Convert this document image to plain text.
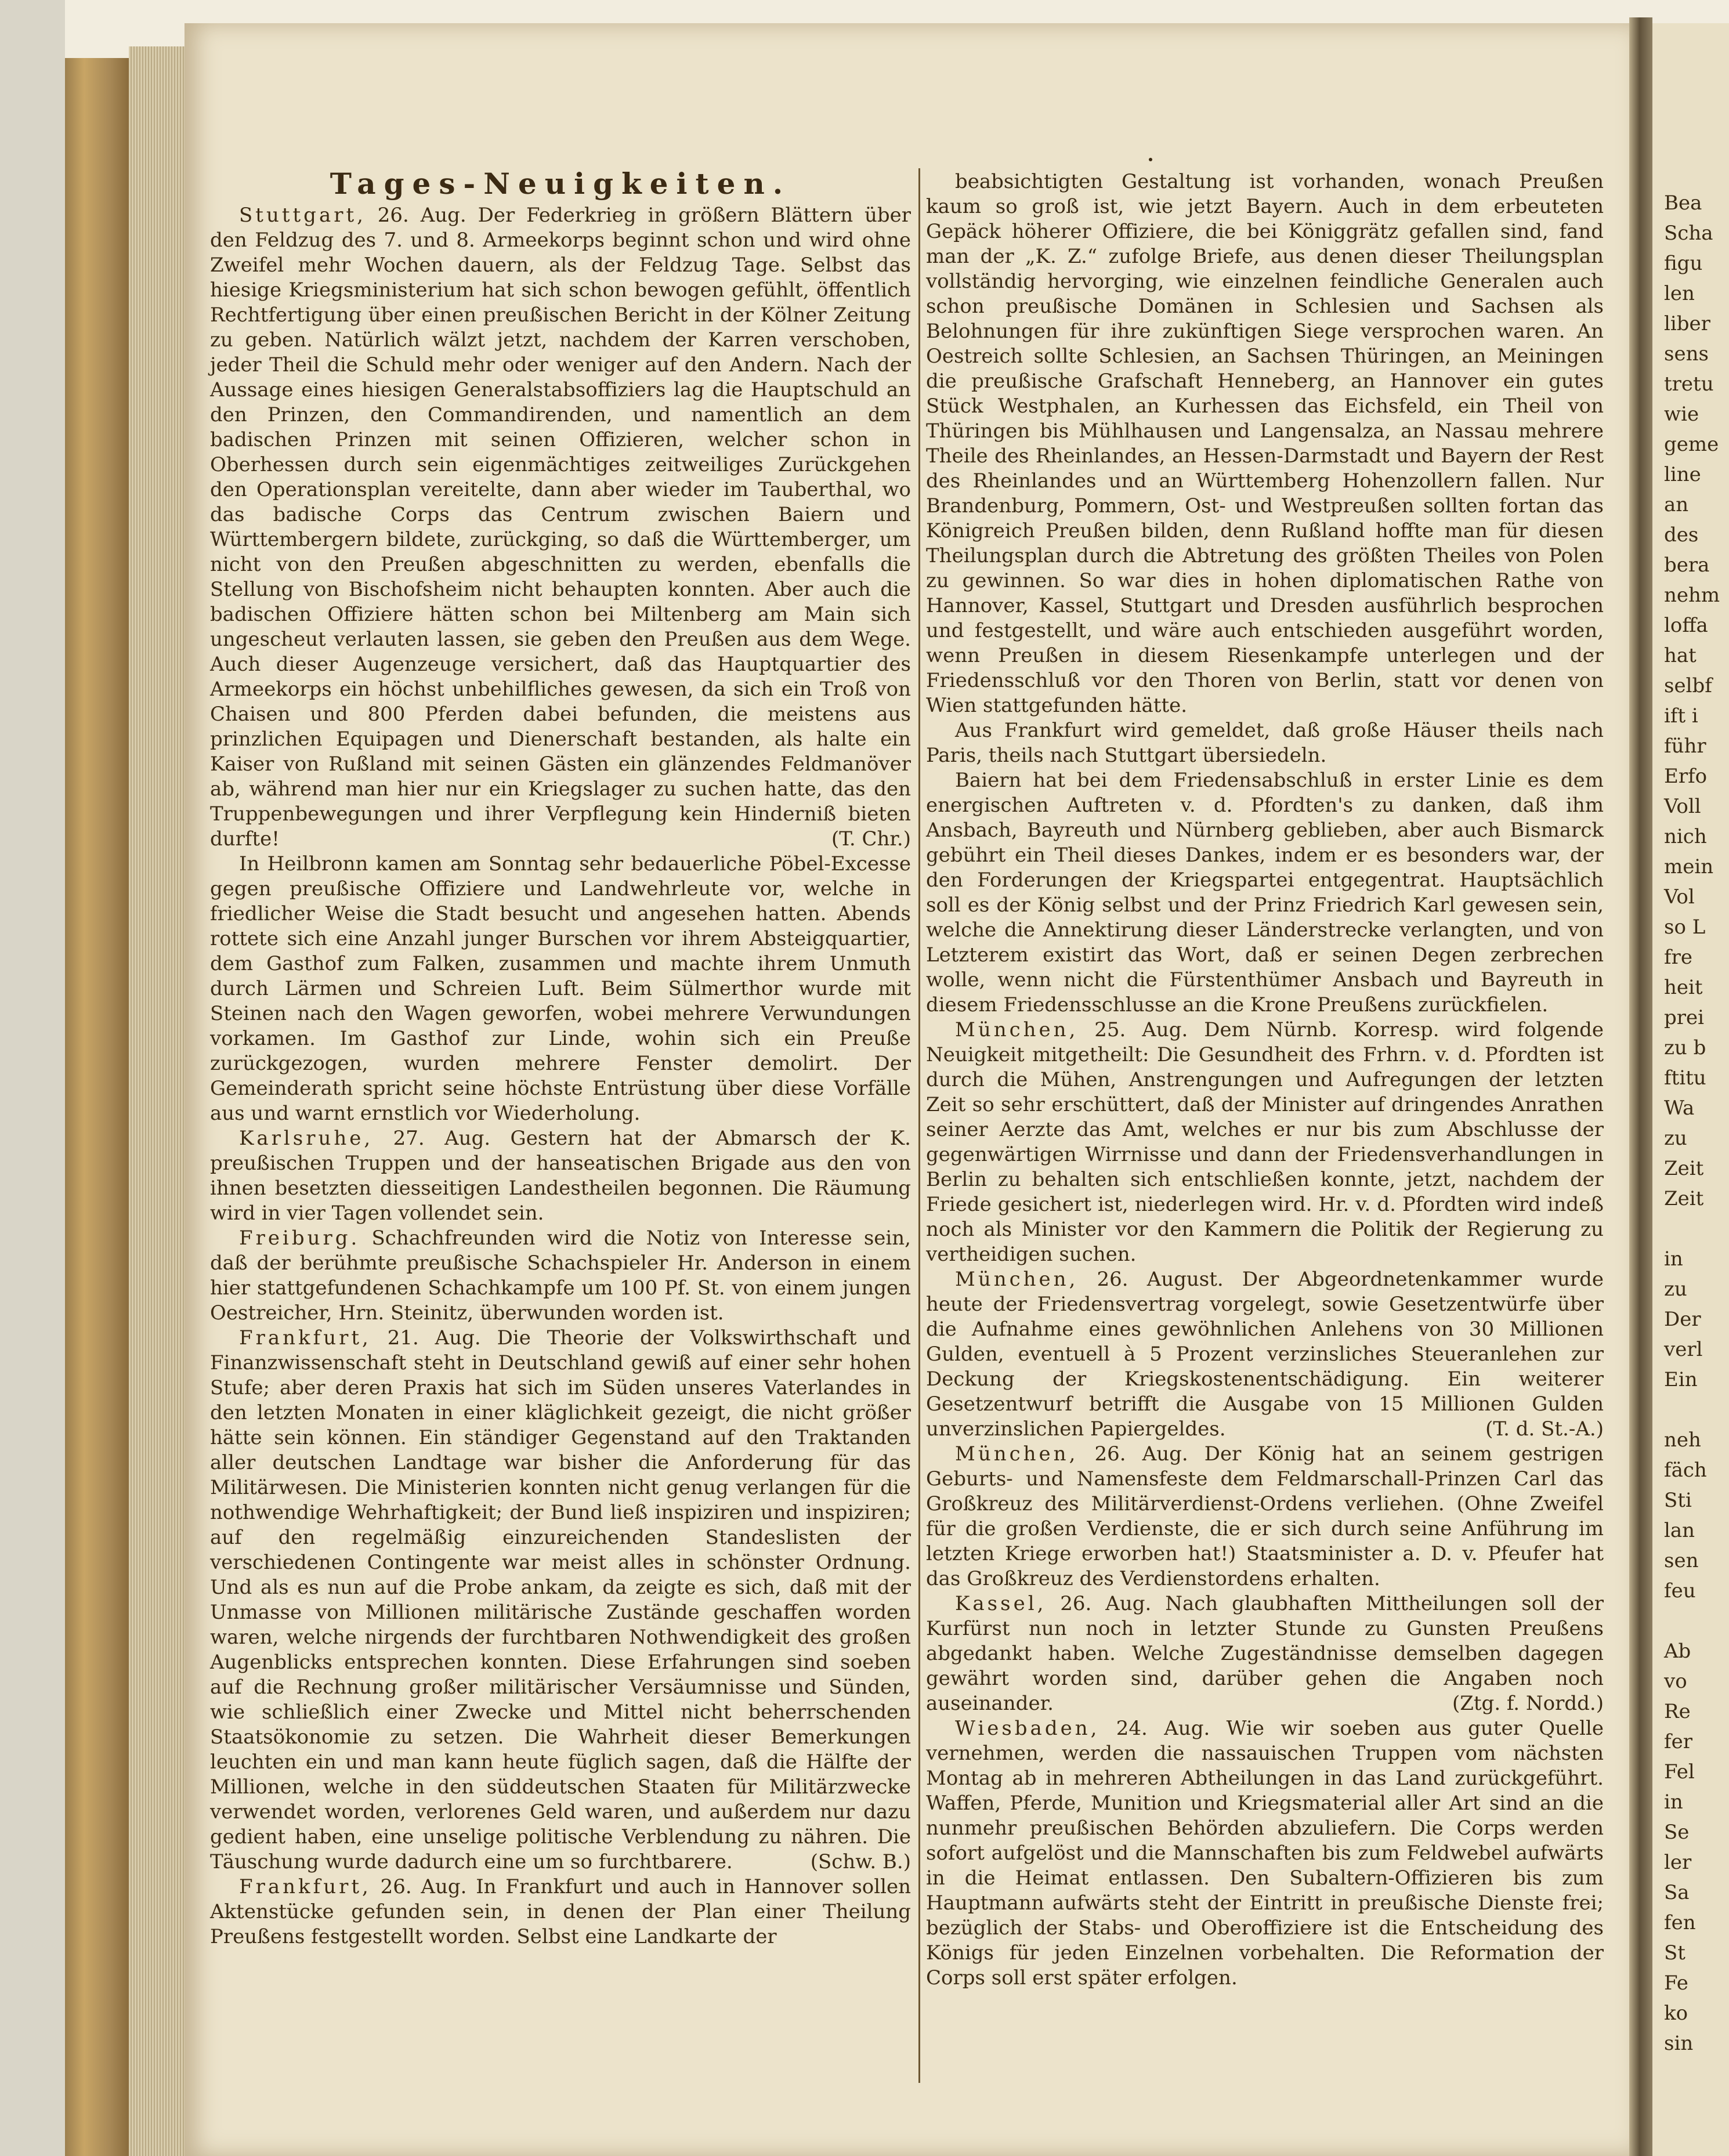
Tages-Neuigkeiten.

Stuttgart, 26. Aug. Der Federkrieg in größern Blättern über den Feldzug des 7. und 8. Armeekorps beginnt schon und wird ohne Zweifel mehr Wochen dauern, als der Feldzug Tage. Selbst das hiesige Kriegsministerium hat sich schon bewogen gefühlt, öffentlich Rechtfertigung über einen preußischen Bericht in der Kölner Zeitung zu geben. Natürlich wälzt jetzt, nachdem der Karren verschoben, jeder Theil die Schuld mehr oder weniger auf den Andern. Nach der Aussage eines hiesigen Generalstabsoffiziers lag die Hauptschuld an den Prinzen, den Commandirenden, und namentlich an dem badischen Prinzen mit seinen Offizieren, welcher schon in Oberhessen durch sein eigenmächtiges zeitweiliges Zurückgehen den Operationsplan vereitelte, dann aber wieder im Tauberthal, wo das badische Corps das Centrum zwischen Baiern und Württembergern bildete, zurückging, so daß die Württemberger, um nicht von den Preußen abgeschnitten zu werden, ebenfalls die Stellung von Bischofsheim nicht behaupten konnten. Aber auch die badischen Offiziere hätten schon bei Miltenberg am Main sich ungescheut verlauten lassen, sie geben den Preußen aus dem Wege. Auch dieser Augenzeuge versichert, daß das Hauptquartier des Armeekorps ein höchst unbehilfliches gewesen, da sich ein Troß von Chaisen und 800 Pferden dabei befunden, die meistens aus prinzlichen Equipagen und Dienerschaft bestanden, als halte ein Kaiser von Rußland mit seinen Gästen ein glänzendes Feldmanöver ab, während man hier nur ein Kriegslager zu suchen hatte, das den Truppenbewegungen und ihrer Verpflegung kein Hinderniß bieten durfte!	(T. Chr.)

In Heilbronn kamen am Sonntag sehr bedauerliche Pöbel-Excesse gegen preußische Offiziere und Landwehrleute vor, welche in friedlicher Weise die Stadt besucht und angesehen hatten. Abends rottete sich eine Anzahl junger Burschen vor ihrem Absteigquartier, dem Gasthof zum Falken, zusammen und machte ihrem Unmuth durch Lärmen und Schreien Luft. Beim Sülmerthor wurde mit Steinen nach den Wagen geworfen, wobei mehrere Verwundungen vorkamen. Im Gasthof zur Linde, wohin sich ein Preuße zurückgezogen, wurden mehrere Fenster demolirt. Der Gemeinderath spricht seine höchste Entrüstung über diese Vorfälle aus und warnt ernstlich vor Wiederholung.

Karlsruhe, 27. Aug. Gestern hat der Abmarsch der K. preußischen Truppen und der hanseatischen Brigade aus den von ihnen besetzten diesseitigen Landestheilen begonnen. Die Räumung wird in vier Tagen vollendet sein.

Freiburg. Schachfreunden wird die Notiz von Interesse sein, daß der berühmte preußische Schachspieler Hr. Anderson in einem hier stattgefundenen Schachkampfe um 100 Pf. St. von einem jungen Oestreicher, Hrn. Steinitz, überwunden worden ist.

Frankfurt, 21. Aug. Die Theorie der Volkswirthschaft und Finanzwissenschaft steht in Deutschland gewiß auf einer sehr hohen Stufe; aber deren Praxis hat sich im Süden unseres Vaterlandes in den letzten Monaten in einer kläglichkeit gezeigt, die nicht größer hätte sein können. Ein ständiger Gegenstand auf den Traktanden aller deutschen Landtage war bisher die Anforderung für das Militärwesen. Die Ministerien konnten nicht genug verlangen für die nothwendige Wehrhaftigkeit; der Bund ließ inspiziren und inspiziren; auf den regelmäßig einzureichenden Standeslisten der verschiedenen Contingente war meist alles in schönster Ordnung. Und als es nun auf die Probe ankam, da zeigte es sich, daß mit der Unmasse von Millionen militärische Zustände geschaffen worden waren, welche nirgends der furchtbaren Nothwendigkeit des großen Augenblicks entsprechen konnten. Diese Erfahrungen sind soeben auf die Rechnung großer militärischer Versäumnisse und Sünden, wie schließlich einer Zwecke und Mittel nicht beherrschenden Staatsökonomie zu setzen. Die Wahrheit dieser Bemerkungen leuchten ein und man kann heute füglich sagen, daß die Hälfte der Millionen, welche in den süddeutschen Staaten für Militärzwecke verwendet worden, verlorenes Geld waren, und außerdem nur dazu gedient haben, eine unselige politische Verblendung zu nähren. Die Täuschung wurde dadurch eine um so furchtbarere.	(Schw. B.)

Frankfurt, 26. Aug. In Frankfurt und auch in Hannover sollen Aktenstücke gefunden sein, in denen der Plan einer Theilung Preußens festgestellt worden. Selbst eine Landkarte der

beabsichtigten Gestaltung ist vorhanden, wonach Preußen kaum so groß ist, wie jetzt Bayern. Auch in dem erbeuteten Gepäck höherer Offiziere, die bei Königgrätz gefallen sind, fand man der „K. Z.“ zufolge Briefe, aus denen dieser Theilungsplan vollständig hervorging, wie einzelnen feindliche Generalen auch schon preußische Domänen in Schlesien und Sachsen als Belohnungen für ihre zukünftigen Siege versprochen waren. An Oestreich sollte Schlesien, an Sachsen Thüringen, an Meiningen die preußische Grafschaft Henneberg, an Hannover ein gutes Stück Westphalen, an Kurhessen das Eichsfeld, ein Theil von Thüringen bis Mühlhausen und Langensalza, an Nassau mehrere Theile des Rheinlandes, an Hessen-Darmstadt und Bayern der Rest des Rheinlandes und an Württemberg Hohenzollern fallen. Nur Brandenburg, Pommern, Ost- und Westpreußen sollten fortan das Königreich Preußen bilden, denn Rußland hoffte man für diesen Theilungsplan durch die Abtretung des größten Theiles von Polen zu gewinnen. So war dies in hohen diplomatischen Rathe von Hannover, Kassel, Stuttgart und Dresden ausführlich besprochen und festgestellt, und wäre auch entschieden ausgeführt worden, wenn Preußen in diesem Riesenkampfe unterlegen und der Friedensschluß vor den Thoren von Berlin, statt vor denen von Wien stattgefunden hätte.

Aus Frankfurt wird gemeldet, daß große Häuser theils nach Paris, theils nach Stuttgart übersiedeln.

Baiern hat bei dem Friedensabschluß in erster Linie es dem energischen Auftreten v. d. Pfordten's zu danken, daß ihm Ansbach, Bayreuth und Nürnberg geblieben, aber auch Bismarck gebührt ein Theil dieses Dankes, indem er es besonders war, der den Forderungen der Kriegspartei entgegentrat. Hauptsächlich soll es der König selbst und der Prinz Friedrich Karl gewesen sein, welche die Annektirung dieser Länderstrecke verlangten, und von Letzterem existirt das Wort, daß er seinen Degen zerbrechen wolle, wenn nicht die Fürstenthümer Ansbach und Bayreuth in diesem Friedensschlusse an die Krone Preußens zurückfielen.

München, 25. Aug. Dem Nürnb. Korresp. wird folgende Neuigkeit mitgetheilt: Die Gesundheit des Frhrn. v. d. Pfordten ist durch die Mühen, Anstrengungen und Aufregungen der letzten Zeit so sehr erschüttert, daß der Minister auf dringendes Anrathen seiner Aerzte das Amt, welches er nur bis zum Abschlusse der gegenwärtigen Wirrnisse und dann der Friedensverhandlungen in Berlin zu behalten sich entschließen konnte, jetzt, nachdem der Friede gesichert ist, niederlegen wird. Hr. v. d. Pfordten wird indeß noch als Minister vor den Kammern die Politik der Regierung zu vertheidigen suchen.

München, 26. August. Der Abgeordnetenkammer wurde heute der Friedensvertrag vorgelegt, sowie Gesetzentwürfe über die Aufnahme eines gewöhnlichen Anlehens von 30 Millionen Gulden, eventuell à 5 Prozent verzinsliches Steueranlehen zur Deckung der Kriegskostenentschädigung. Ein weiterer Gesetzentwurf betrifft die Ausgabe von 15 Millionen Gulden unverzinslichen Papiergeldes.	(T. d. St.-A.)

München, 26. Aug. Der König hat an seinem gestrigen Geburts- und Namensfeste dem Feldmarschall-Prinzen Carl das Großkreuz des Militärverdienst-Ordens verliehen. (Ohne Zweifel für die großen Verdienste, die er sich durch seine Anführung im letzten Kriege erworben hat!) Staatsminister a. D. v. Pfeufer hat das Großkreuz des Verdienstordens erhalten.

Kassel, 26. Aug. Nach glaubhaften Mittheilungen soll der Kurfürst nun noch in letzter Stunde zu Gunsten Preußens abgedankt haben. Welche Zugeständnisse demselben dagegen gewährt worden sind, darüber gehen die Angaben noch auseinander.	(Ztg. f. Nordd.)

Wiesbaden, 24. Aug. Wie wir soeben aus guter Quelle vernehmen, werden die nassauischen Truppen vom nächsten Montag ab in mehreren Abtheilungen in das Land zurückgeführt. Waffen, Pferde, Munition und Kriegsmaterial aller Art sind an die nunmehr preußischen Behörden abzuliefern. Die Corps werden sofort aufgelöst und die Mannschaften bis zum Feldwebel aufwärts in die Heimat entlassen. Den Subaltern-Offizieren bis zum Hauptmann aufwärts steht der Eintritt in preußische Dienste frei; bezüglich der Stabs- und Oberoffiziere ist die Entscheidung des Königs für jeden Einzelnen vorbehalten. Die Reformation der Corps soll erst später erfolgen.

Bea
Scha
figu
len
liber
sens
tretu
wie
geme
line
an
des
bera
nehm
loffa
hat
selbf
ift i
führ
Erfo
Voll
nich
mein
Vol
so L
fre
heit
prei
zu b
ftitu
Wa
zu
Zeit
Zeit
in
zu
Der
verl
Ein
neh
fäch
Sti
lan
sen
feu
Ab
vo
Re
fer
Fel
in
Se
ler
Sa
fen
St
Fe
ko
sin
